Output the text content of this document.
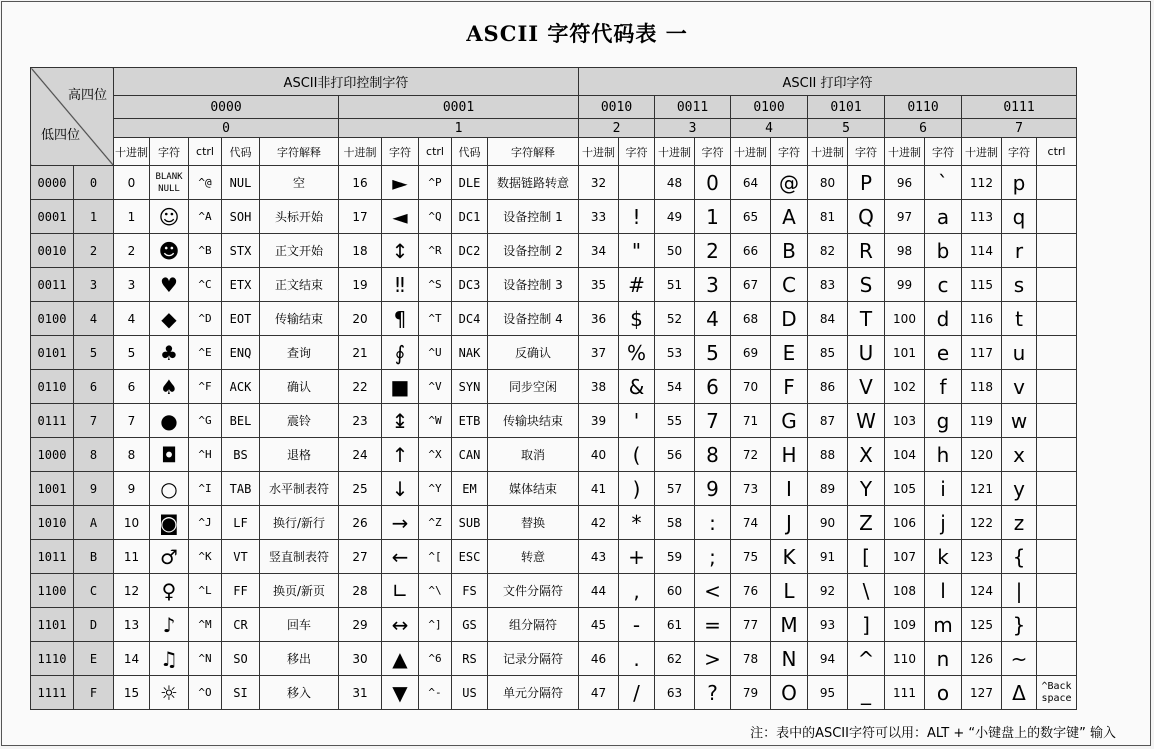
ASCII 字符代码表 一
高四位
低四位		ASCII非打印控制字符										ASCII 打印字符												
		0000					0001					0010		0011		0100		0101		0110		0111		
		0					1					2		3		4		5		6		7		
		十进制	字符	ctrl	代码	字符解释	十进制	字符	ctrl	代码	字符解释	十进制	字符	十进制	字符	十进制	字符	十进制	字符	十进制	字符	十进制	字符	ctrl
0000	0	0	BLANK NULL	^@	NUL	空	16	►	^P	DLE	数据链路转意	32		48	0	64	@	80	P	96	`	112	p	
0001	1	1	☺	^A	SOH	头标开始	17	◄	^Q	DC1	设备控制 1	33	!	49	1	65	A	81	Q	97	a	113	q	
0010	2	2	☻	^B	STX	正文开始	18	↕	^R	DC2	设备控制 2	34	"	50	2	66	B	82	R	98	b	114	r	
0011	3	3	♥	^C	ETX	正文结束	19	‼	^S	DC3	设备控制 3	35	#	51	3	67	C	83	S	99	c	115	s	
0100	4	4	◆	^D	EOT	传输结束	20	¶	^T	DC4	设备控制 4	36	$	52	4	68	D	84	T	100	d	116	t	
0101	5	5	♣	^E	ENQ	查询	21	∮	^U	NAK	反确认	37	%	53	5	69	E	85	U	101	e	117	u	
0110	6	6	♠	^F	ACK	确认	22	■	^V	SYN	同步空闲	38	&	54	6	70	F	86	V	102	f	118	v	
0111	7	7	●	^G	BEL	震铃	23	↨	^W	ETB	传输块结束	39	'	55	7	71	G	87	W	103	g	119	w	
1000	8	8	◘	^H	BS	退格	24	↑	^X	CAN	取消	40	(	56	8	72	H	88	X	104	h	120	x	
1001	9	9	○	^I	TAB	水平制表符	25	↓	^Y	EM	媒体结束	41	)	57	9	73	I	89	Y	105	i	121	y	
1010	A	10	◙	^J	LF	换行/新行	26	→	^Z	SUB	替换	42	*	58	:	74	J	90	Z	106	j	122	z	
1011	B	11	♂	^K	VT	竖直制表符	27	←	^[	ESC	转意	43	+	59	;	75	K	91	[	107	k	123	{	
1100	C	12	♀	^L	FF	换页/新页	28	∟	^\	FS	文件分隔符	44	,	60	<	76	L	92	\	108	l	124	|	
1101	D	13	♪	^M	CR	回车	29	↔	^]	GS	组分隔符	45	-	61	=	77	M	93	]	109	m	125	}	
1110	E	14	♫	^N	SO	移出	30	▲	^6	RS	记录分隔符	46	.	62	>	78	N	94	^	110	n	126	~	
1111	F	15	☼	^O	SI	移入	31	▼	^-	US	单元分隔符	47	/	63	?	79	O	95	_	111	o	127	Δ	^Back space
注：表中的ASCII字符可以用：ALT + “小键盘上的数字键” 输入
